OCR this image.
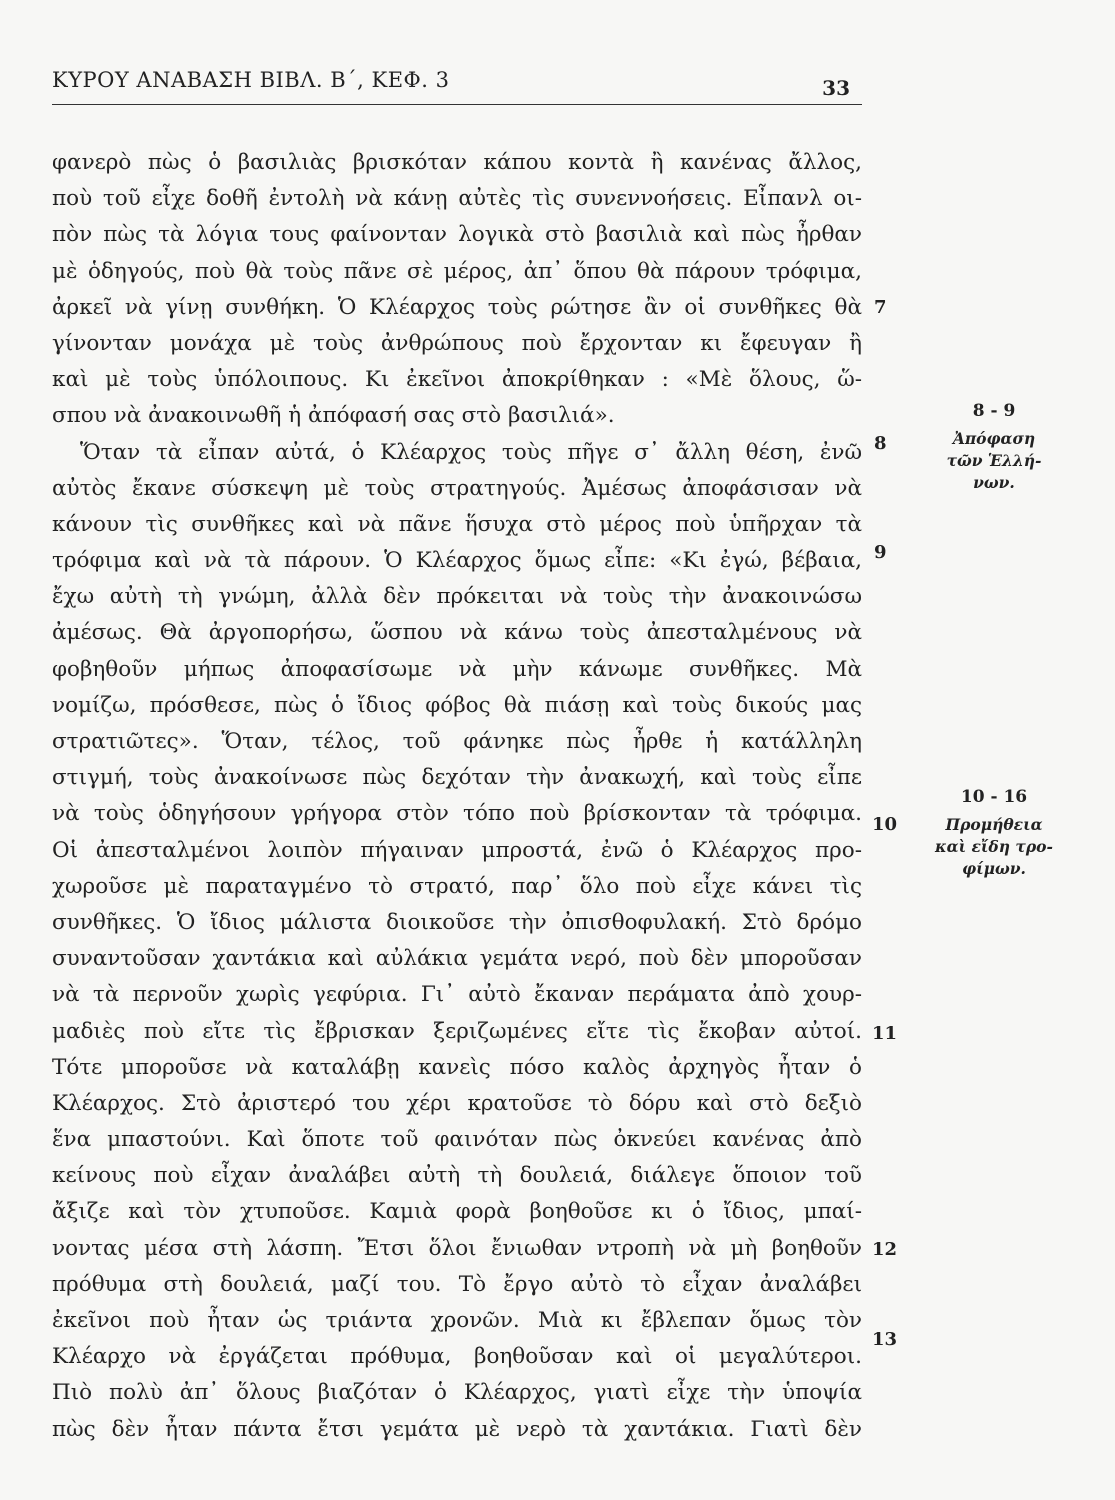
ΚΥΡΟΥ ΑΝΑΒΑΣΗ ΒΙΒΛ. Β΄, ΚΕΦ. 3	33
φανερὸ πὼς ὁ βασιλιὰς βρισκόταν κάπου κοντὰ ἢ κανένας ἄλλος,
ποὺ τοῦ εἶχε δοθῆ ἐντολὴ νὰ κάνῃ αὐτὲς τὶς συνεννοήσεις. Εἶπανλ οι-
πὸν πὼς τὰ λόγια τους φαίνονταν λογικὰ στὸ βασιλιὰ καὶ πὼς ἦρθαν
μὲ ὁδηγούς, ποὺ θὰ τοὺς πᾶνε σὲ μέρος, ἀπ᾽ ὅπου θὰ πάρουν τρόφιμα,
ἀρκεῖ νὰ γίνῃ συνθήκη. Ὁ Κλέαρχος τοὺς ρώτησε ἂν οἱ συνθῆκες θὰ
γίνονταν μονάχα μὲ τοὺς ἀνθρώπους ποὺ ἔρχονταν κι ἔφευγαν ἢ
καὶ μὲ τοὺς ὑπόλοιπους. Κι ἐκεῖνοι ἀποκρίθηκαν : «Μὲ ὅλους, ὥ-
σπου νὰ ἀνακοινωθῆ ἡ ἀπόφασή σας στὸ βασιλιά».
Ὅταν τὰ εἶπαν αὐτά, ὁ Κλέαρχος τοὺς πῆγε σ᾽ ἄλλη θέση, ἐνῶ
αὐτὸς ἔκανε σύσκεψη μὲ τοὺς στρατηγούς. Ἀμέσως ἀποφάσισαν νὰ
κάνουν τὶς συνθῆκες καὶ νὰ πᾶνε ἥσυχα στὸ μέρος ποὺ ὑπῆρχαν τὰ
τρόφιμα καὶ νὰ τὰ πάρουν. Ὁ Κλέαρχος ὅμως εἶπε: «Κι ἐγώ, βέβαια,
ἔχω αὐτὴ τὴ γνώμη, ἀλλὰ δὲν πρόκειται νὰ τοὺς τὴν ἀνακοινώσω
ἀμέσως. Θὰ ἀργοπορήσω, ὥσπου νὰ κάνω τοὺς ἀπεσταλμένους νὰ
φοβηθοῦν μήπως ἀποφασίσωμε νὰ μὴν κάνωμε συνθῆκες. Μὰ
νομίζω, πρόσθεσε, πὼς ὁ ἴδιος φόβος θὰ πιάσῃ καὶ τοὺς δικούς μας
στρατιῶτες». Ὅταν, τέλος, τοῦ φάνηκε πὼς ἦρθε ἡ κατάλληλη
στιγμή, τοὺς ἀνακοίνωσε πὼς δεχόταν τὴν ἀνακωχή, καὶ τοὺς εἶπε
νὰ τοὺς ὁδηγήσουν γρήγορα στὸν τόπο ποὺ βρίσκονταν τὰ τρόφιμα.
Οἱ ἀπεσταλμένοι λοιπὸν πήγαιναν μπροστά, ἐνῶ ὁ Κλέαρχος προ-
χωροῦσε μὲ παραταγμένο τὸ στρατό, παρ᾽ ὅλο ποὺ εἶχε κάνει τὶς
συνθῆκες. Ὁ ἴδιος μάλιστα διοικοῦσε τὴν ὀπισθοφυλακή. Στὸ δρόμο
συναντοῦσαν χαντάκια καὶ αὐλάκια γεμάτα νερό, ποὺ δὲν μποροῦσαν
νὰ τὰ περνοῦν χωρὶς γεφύρια. Γι᾽ αὐτὸ ἔκαναν περάματα ἀπὸ χουρ-
μαδιὲς ποὺ εἴτε τὶς ἔβρισκαν ξεριζωμένες εἴτε τὶς ἔκοβαν αὐτοί.
Τότε μποροῦσε νὰ καταλάβῃ κανεὶς πόσο καλὸς ἀρχηγὸς ἦταν ὁ
Κλέαρχος. Στὸ ἀριστερό του χέρι κρατοῦσε τὸ δόρυ καὶ στὸ δεξιὸ
ἕνα μπαστούνι. Καὶ ὅποτε τοῦ φαινόταν πὼς ὀκνεύει κανένας ἀπὸ
κείνους ποὺ εἶχαν ἀναλάβει αὐτὴ τὴ δουλειά, διάλεγε ὅποιον τοῦ
ἄξιζε καὶ τὸν χτυποῦσε. Καμιὰ φορὰ βοηθοῦσε κι ὁ ἴδιος, μπαί-
νοντας μέσα στὴ λάσπη. Ἔτσι ὅλοι ἔνιωθαν ντροπὴ νὰ μὴ βοηθοῦν
πρόθυμα στὴ δουλειά, μαζί του. Τὸ ἔργο αὐτὸ τὸ εἶχαν ἀναλάβει
ἐκεῖνοι ποὺ ἦταν ὡς τριάντα χρονῶν. Μιὰ κι ἔβλεπαν ὅμως τὸν
Κλέαρχο νὰ ἐργάζεται πρόθυμα, βοηθοῦσαν καὶ οἱ μεγαλύτεροι.
Πιὸ πολὺ ἀπ᾽ ὅλους βιαζόταν ὁ Κλέαρχος, γιατὶ εἶχε τὴν ὑποψία
πὼς δὲν ἦταν πάντα ἔτσι γεμάτα μὲ νερὸ τὰ χαντάκια. Γιατὶ δὲν
7
8
9
10
11
12
13
8 - 9
Ἀπόφαση τῶν Ἑλλή-νων.
10 - 16
Προμήθεια καὶ εἴδη τρο-φίμων.
